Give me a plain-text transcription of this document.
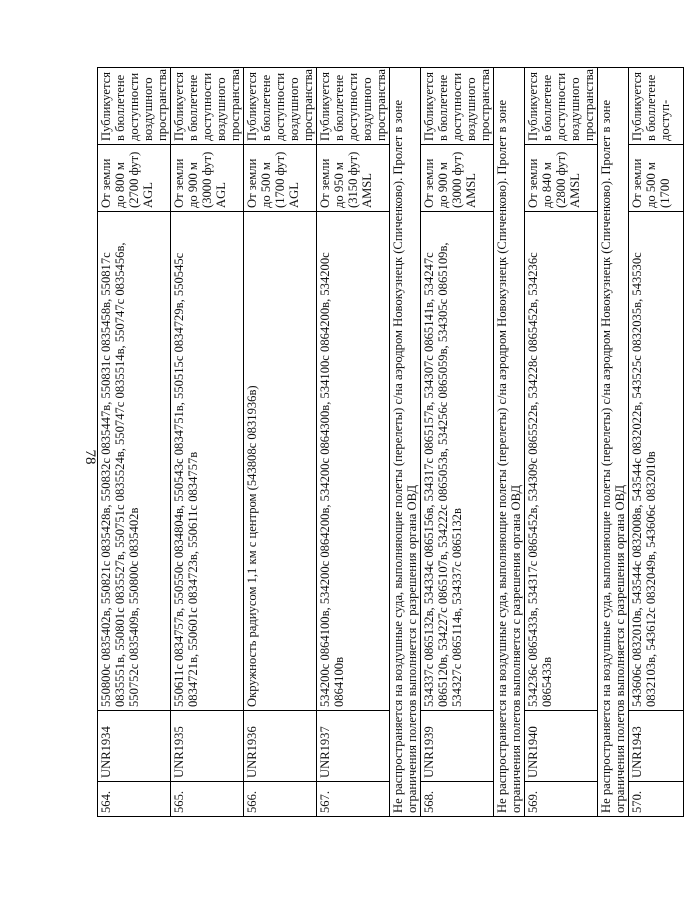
78
564.	UNR1934	550800с 0835402в, 550821с 0835428в, 550832с 0835447в, 550831с 0835458в, 550817с 0835551в, 550801с 0835527в, 550751с 0835524в, 550747с 0835514в, 550747с 0835456в, 550752с 0835409в, 550800с 0835402в	От земли до 800 м (2700 фут) AGL	Публикуется в бюллетене доступности воздушного пространства
565.	UNR1935	550611с 0834757в, 550550с 0834804в, 550543с 0834751в, 550515с 0834729в, 550545с 0834721в, 550601с 0834723в, 550611с 0834757в	От земли до 900 м (3000 фут) AGL	Публикуется в бюллетене доступности воздушного пространства
566.	UNR1936	Окружность радиусом 1,1 км с центром (543808с 0831936в)	От земли до 500 м (1700 фут) AGL	Публикуется в бюллетене доступности воздушного пространства
567.	UNR1937	534200с 0864100в, 534200с 0864200в, 534200с 0864300в, 534100с 0864200в, 534200с 0864100в	От земли до 950 м (3150 фут) AMSL	Публикуется в бюллетене доступности воздушного пространства
Не распространяется на воздушные суда, выполняющие полеты (перелеты) с/на аэродром Новокузнецк (Спиченково). Пролет в зоне ограничения полетов выполняется с разрешения органа ОВД				
568.	UNR1939	534337с 0865132в, 534334с 0865156в, 534317с 0865157в, 534307с 0865141в, 534247с 0865120в, 534227с 0865107в, 534222с 0865053в, 534256с 0865059в, 534305с 0865109в, 534327с 0865114в, 534337с 0865132в	От земли до 900 м (3000 фут) AMSL	Публикуется в бюллетене доступности воздушного пространства
Не распространяется на воздушные суда, выполняющие полеты (перелеты) с/на аэродром Новокузнецк (Спиченково). Пролет в зоне ограничения полетов выполняется с разрешения органа ОВД				
569.	UNR1940	534236с 0865433в, 534317с 0865452в, 534309с 0865522в, 534228с 0865452в, 534236с 0865433в	От земли до 840 м (2800 фут) AMSL	Публикуется в бюллетене доступности воздушного пространства
Не распространяется на воздушные суда, выполняющие полеты (перелеты) с/на аэродром Новокузнецк (Спиченково). Пролет в зоне ограничения полетов выполняется с разрешения органа ОВД				
570.	UNR1943	543606с 0832010в, 543544с 0832008в, 543544с 0832022в, 543525с 0832035в, 543530с 0832103в, 543612с 0832049в, 543606с 0832010в	От земли до 500 м (1700	Публикуется в бюллетене доступ-
